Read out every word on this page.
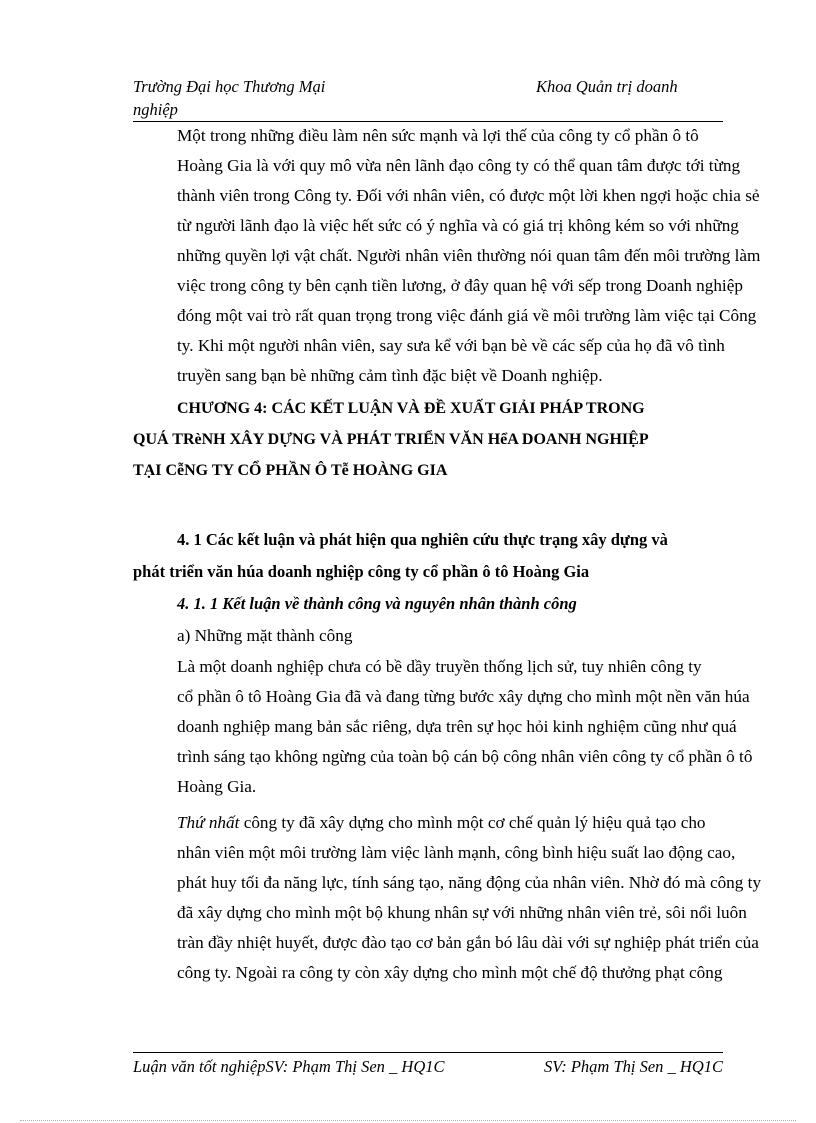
Trường Đại học Thương Mại	Khoa Quản trị doanh
nghiệp

Một trong những điều làm nên sức mạnh và lợi thế của công ty cổ phần ô tô
Hoàng Gia là với quy mô vừa nên lãnh đạo công ty có thể quan tâm được tới từng
thành viên trong Công ty. Đối với nhân viên, có được một lời khen ngợi hoặc chia sẻ
từ người lãnh đạo là việc hết sức có ý nghĩa và có giá trị không kém so với những
những quyền lợi vật chất. Người nhân viên thường nói quan tâm đến môi trường làm
việc trong công ty bên cạnh tiền lương, ở đây quan hệ với sếp trong Doanh nghiệp
đóng một vai trò rất quan trọng trong việc đánh giá về môi trường làm việc tại Công
ty. Khi một người nhân viên, say sưa kể với bạn bè về các sếp của họ đã vô tình
truyền sang bạn bè những cảm tình đặc biệt về Doanh nghiệp.

CHƯƠNG 4: CÁC KẾT LUẬN VÀ ĐỀ XUẤT GIẢI PHÁP TRONG
QUÁ TRèNH XÂY DỰNG VÀ PHÁT TRIỂN VĂN HểA DOANH NGHIỆP
TẠI CễNG TY CỔ PHẦN Ô Tễ HOÀNG GIA

4. 1 Các kết luận và phát hiện qua nghiên cứu thực trạng xây dựng và
phát triển văn húa doanh nghiệp công ty cổ phần ô tô Hoàng Gia

4. 1. 1 Kết luận về thành công và nguyên nhân thành công

a) Những mặt thành công

Là một doanh nghiệp chưa có bề dầy truyền thống lịch sử, tuy nhiên công ty
cổ phần ô tô Hoàng Gia đã và đang từng bước xây dựng cho mình một nền văn húa
doanh nghiệp mang bản sắc riêng, dựa trên sự học hỏi kinh nghiệm cũng như quá
trình sáng tạo không ngừng của toàn bộ cán bộ công nhân viên công ty cổ phần ô tô
Hoàng Gia.

Thứ nhất công ty đã xây dựng cho mình một cơ chế quản lý hiệu quả tạo cho
nhân viên một môi trường làm việc lành mạnh, công bình hiệu suất lao động cao,
phát huy tối đa năng lực, tính sáng tạo, năng động của nhân viên. Nhờ đó mà công ty
đã xây dựng cho mình một bộ khung nhân sự với những nhân viên trẻ, sôi nổi luôn
tràn đầy nhiệt huyết, được đào tạo cơ bản gắn bó lâu dài với sự nghiệp phát triển của
công ty. Ngoài ra công ty còn xây dựng cho mình một chế độ thưởng phạt công

Luận văn tốt nghiệpSV: Phạm Thị Sen _ HQ1C	SV: Phạm Thị Sen _ HQ1C
